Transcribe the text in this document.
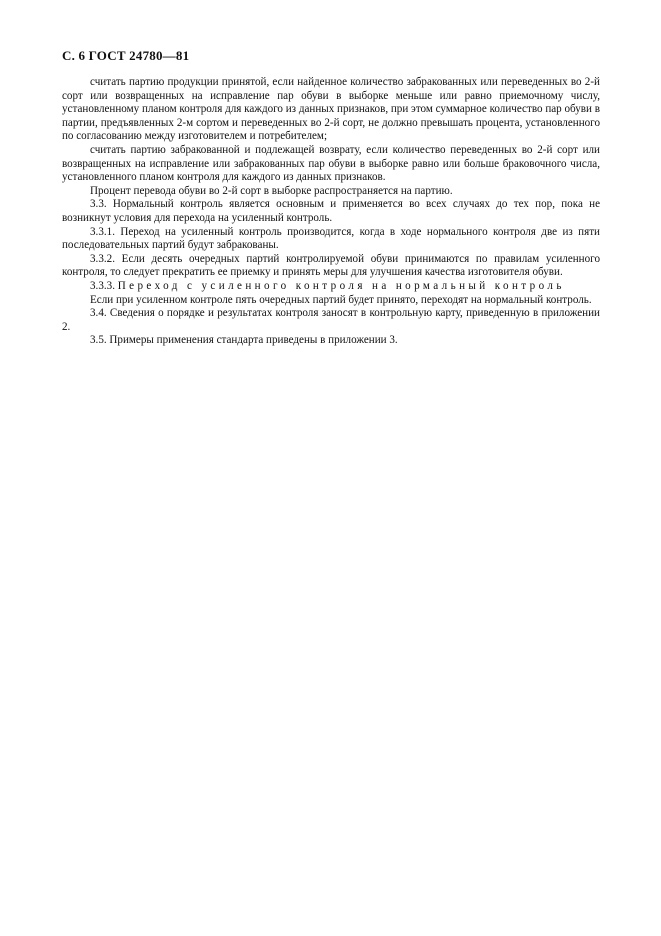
С. 6 ГОСТ 24780—81

считать партию продукции принятой, если найденное количество забракованных или переведенных во 2-й сорт или возвращенных на исправление пар обуви в выборке меньше или равно приемочному числу, установленному планом контроля для каждого из данных признаков, при этом суммарное количество пар обуви в партии, предъявленных 2-м сортом и переведенных во 2-й сорт, не должно превышать процента, установленного по согласованию между изготовителем и потребителем;

считать партию забракованной и подлежащей возврату, если количество переведенных во 2-й сорт или возвращенных на исправление или забракованных пар обуви в выборке равно или больше браковочного числа, установленного планом контроля для каждого из данных признаков.

Процент перевода обуви во 2-й сорт в выборке распространяется на партию.

3.3. Нормальный контроль является основным и применяется во всех случаях до тех пор, пока не возникнут условия для перехода на усиленный контроль.

3.3.1. Переход на усиленный контроль производится, когда в ходе нормального контроля две из пяти последовательных партий будут забракованы.

3.3.2. Если десять очередных партий контролируемой обуви принимаются по правилам усиленного контроля, то следует прекратить ее приемку и принять меры для улучшения качества изготовителя обуви.

3.3.3. Переход с усиленного контроля на нормальный контроль

Если при усиленном контроле пять очередных партий будет принято, переходят на нормальный контроль.

3.4. Сведения о порядке и результатах контроля заносят в контрольную карту, приведенную в приложении 2.

3.5. Примеры применения стандарта приведены в приложении 3.
